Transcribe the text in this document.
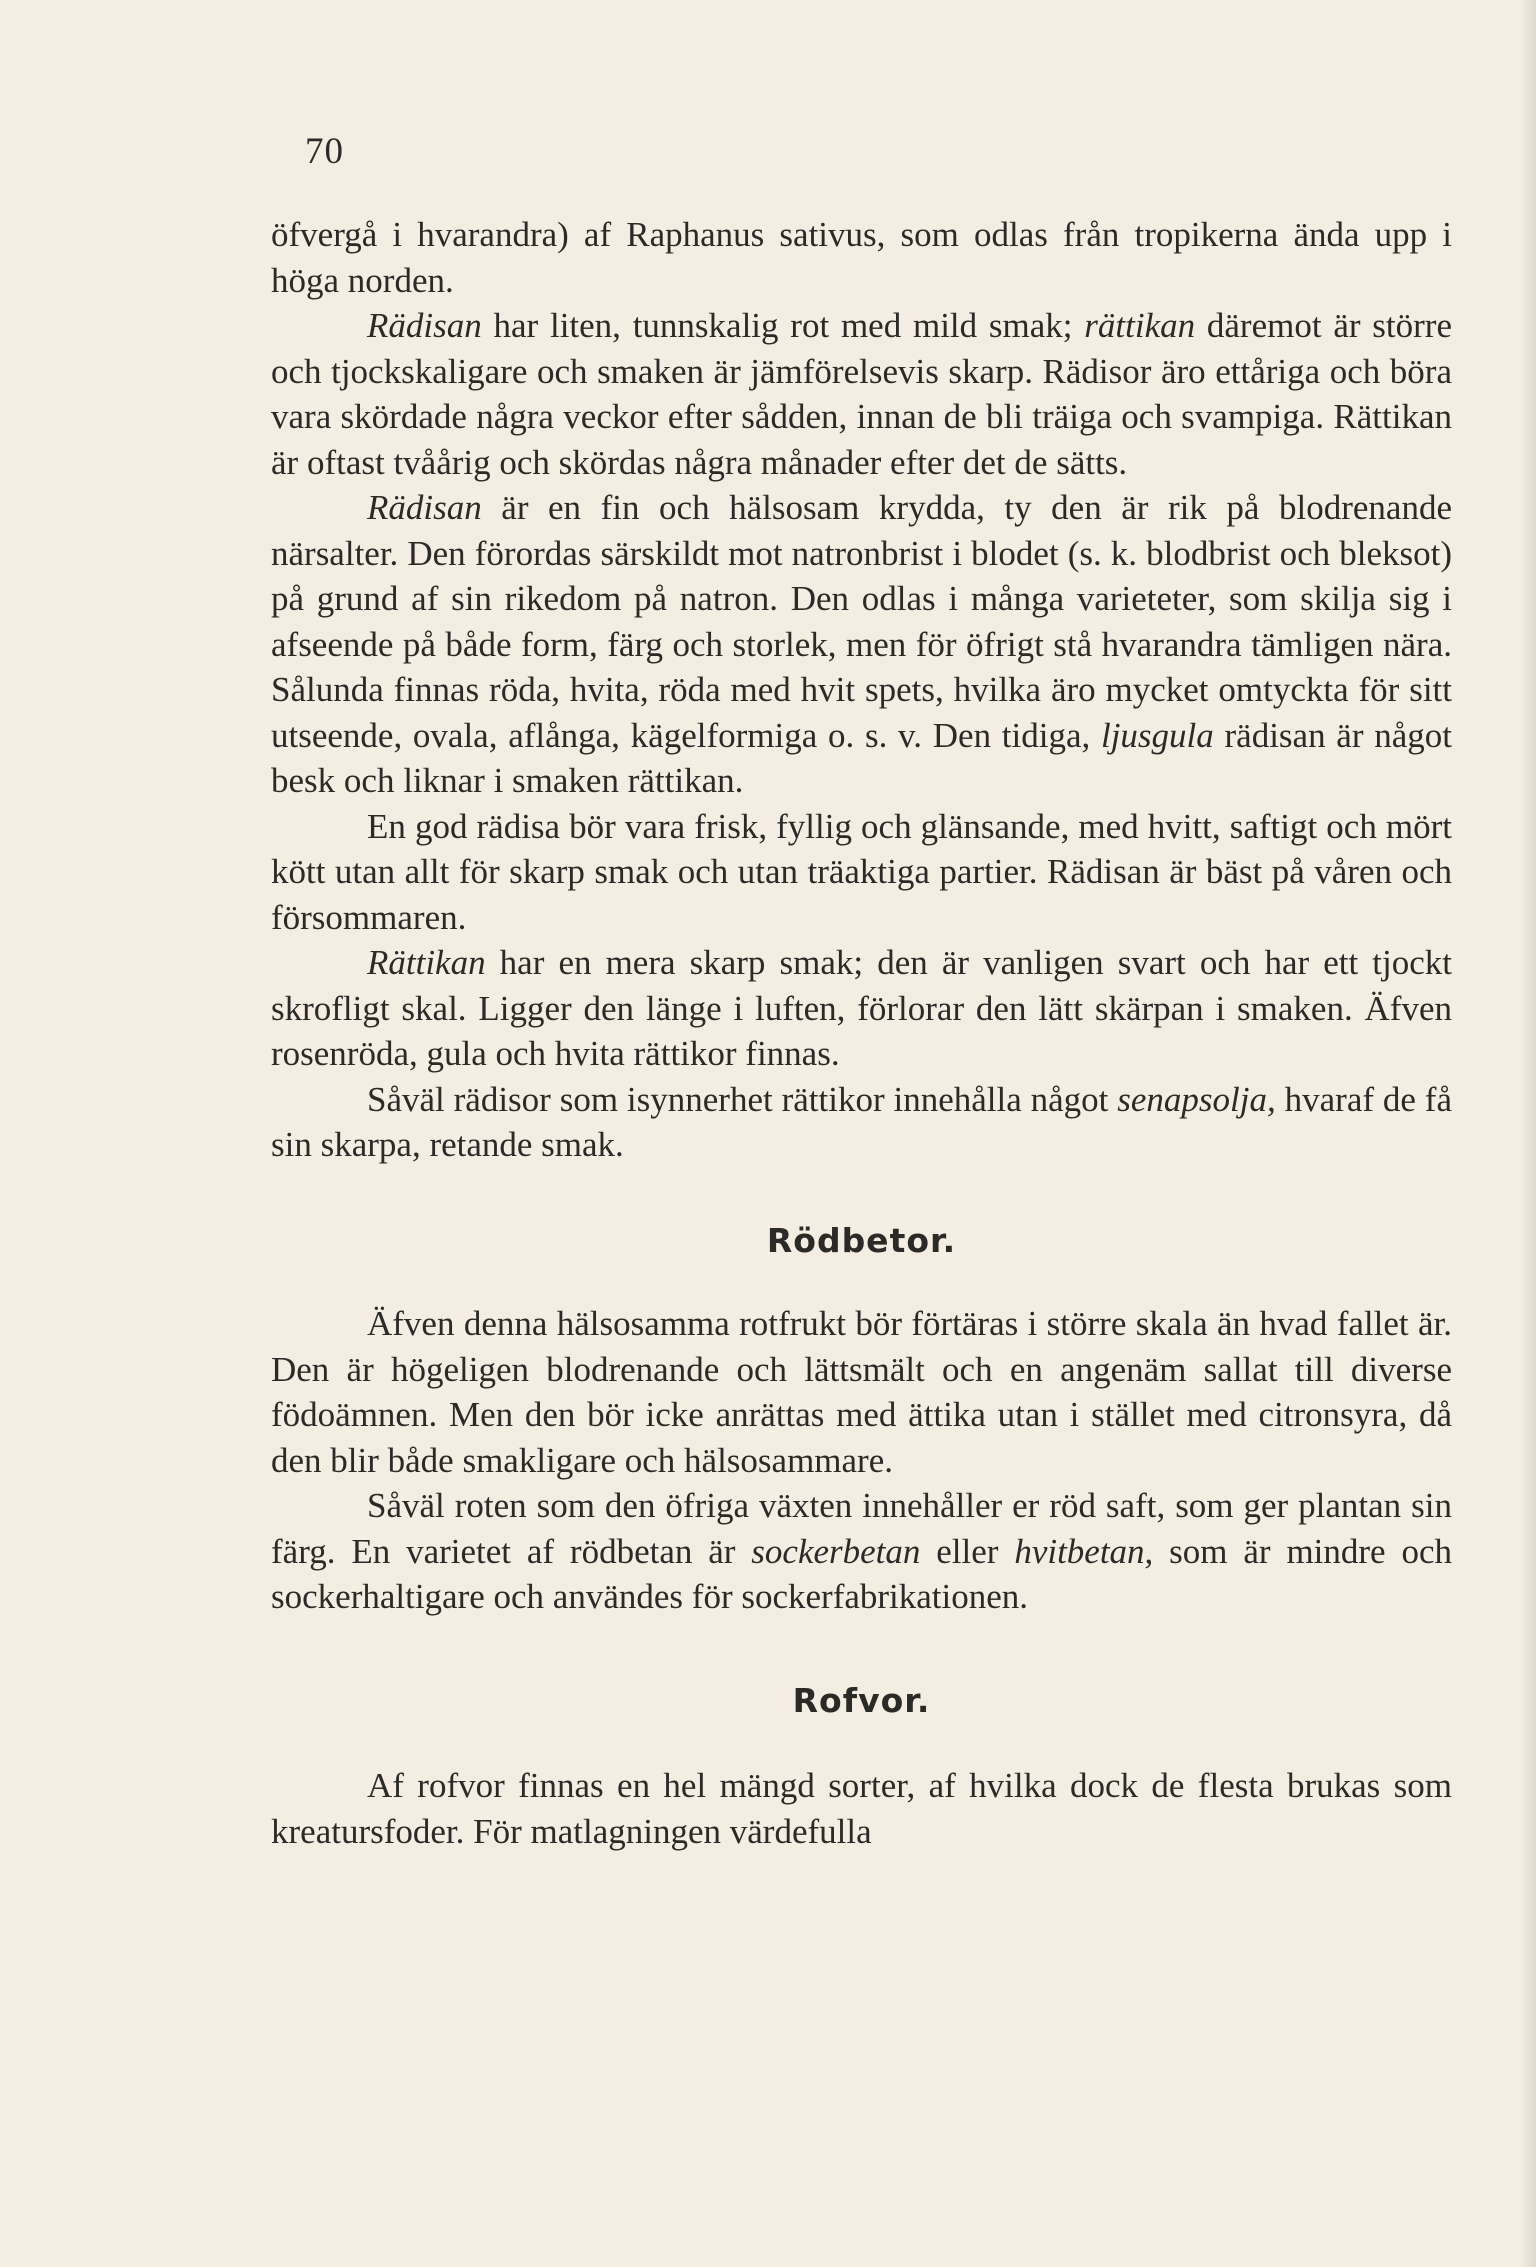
70

öfvergå i hvarandra) af Raphanus sativus, som odlas från tropikerna ända upp i höga norden.

Rädisan har liten, tunnskalig rot med mild smak; rättikan däremot är större och tjockskaligare och smaken är jämförelsevis skarp. Rädisor äro ettåriga och böra vara skördade några veckor efter sådden, innan de bli träiga och svampiga. Rättikan är oftast tvåårig och skördas några månader efter det de sätts.

Rädisan är en fin och hälsosam krydda, ty den är rik på blodrenande närsalter. Den förordas särskildt mot natronbrist i blodet (s. k. blodbrist och bleksot) på grund af sin rikedom på natron. Den odlas i många varieteter, som skilja sig i afseende på både form, färg och storlek, men för öfrigt stå hvarandra tämligen nära. Sålunda finnas röda, hvita, röda med hvit spets, hvilka äro mycket omtyckta för sitt utseende, ovala, aflånga, kägelformiga o. s. v. Den tidiga, ljusgula rädisan är något besk och liknar i smaken rättikan.

En god rädisa bör vara frisk, fyllig och glänsande, med hvitt, saftigt och mört kött utan allt för skarp smak och utan träaktiga partier. Rädisan är bäst på våren och försommaren.

Rättikan har en mera skarp smak; den är vanligen svart och har ett tjockt skrofligt skal. Ligger den länge i luften, förlorar den lätt skärpan i smaken. Äfven rosenröda, gula och hvita rättikor finnas.

Såväl rädisor som isynnerhet rättikor innehålla något senapsolja, hvaraf de få sin skarpa, retande smak.

Rödbetor.

Äfven denna hälsosamma rotfrukt bör förtäras i större skala än hvad fallet är. Den är högeligen blodrenande och lättsmält och en angenäm sallat till diverse födoämnen. Men den bör icke anrättas med ättika utan i stället med citronsyra, då den blir både smakligare och hälsosammare.

Såväl roten som den öfriga växten innehåller er röd saft, som ger plantan sin färg. En varietet af rödbetan är sockerbetan eller hvitbetan, som är mindre och sockerhaltigare och användes för sockerfabrikationen.

Rofvor.

Af rofvor finnas en hel mängd sorter, af hvilka dock de flesta brukas som kreatursfoder. För matlagningen värdefulla
